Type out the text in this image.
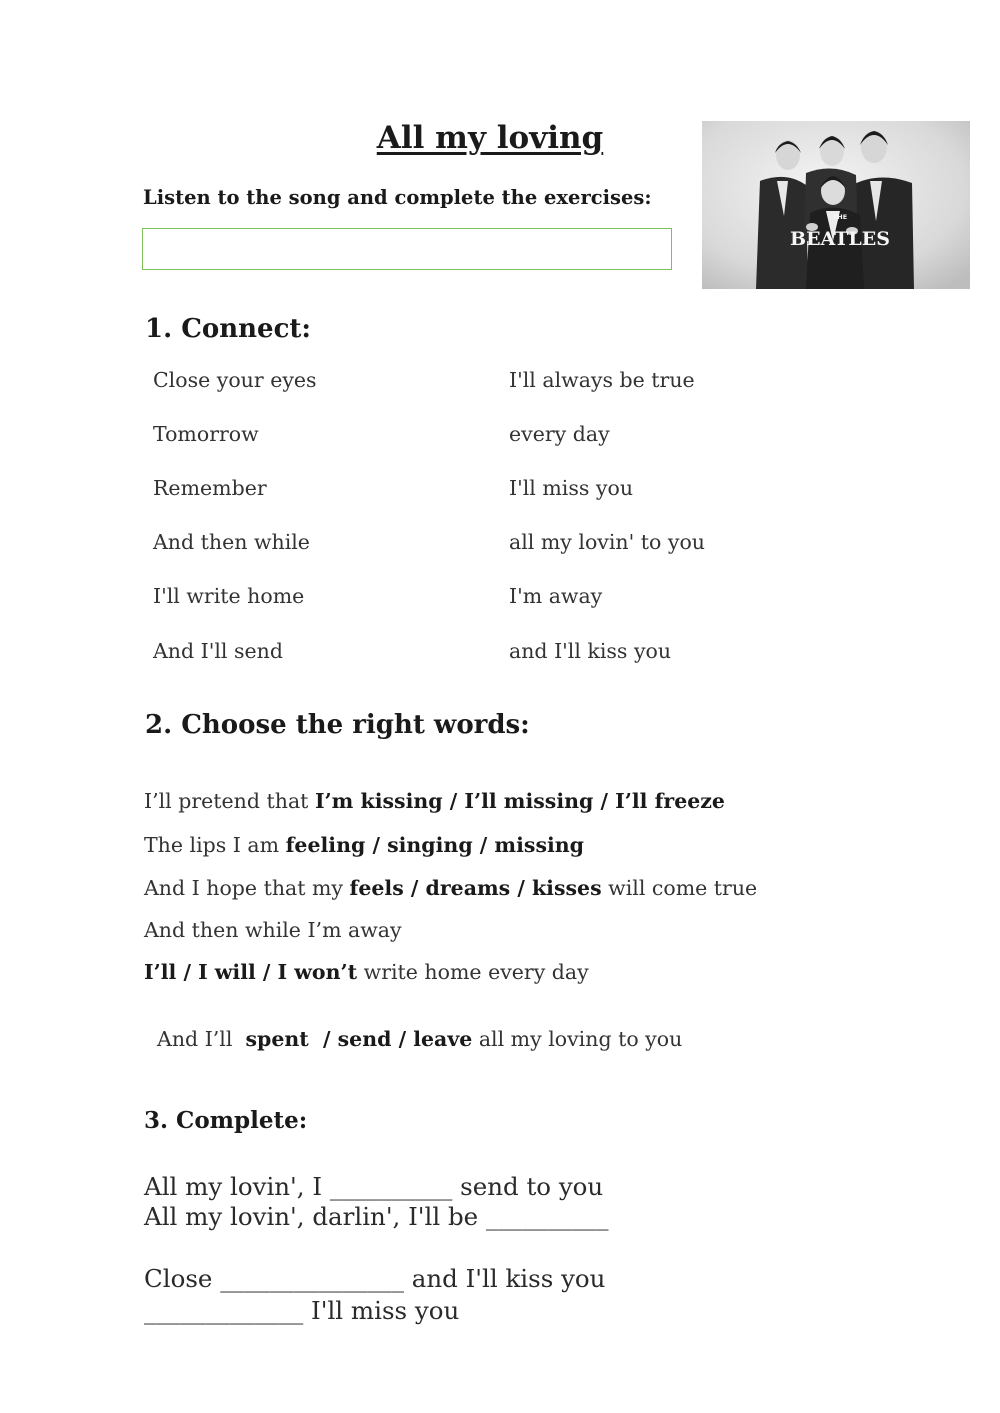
All my loving
Listen to the song and complete the exercises:
THE
BEATLES
1. Connect:
Close your eyes
Tomorrow
Remember
And then while
I'll write home
And I'll send
I'll always be true
every day
I'll miss you
all my lovin' to you
I'm away
and I'll kiss you
2. Choose the right words:
I’ll pretend that I’m kissing / I’ll missing / I’ll freeze
The lips I am feeling / singing / missing
And I hope that my feels / dreams / kisses will come true
And then while I’m away
I’ll / I will / I won’t write home every day

And I’ll  spent  / send / leave all my loving to you

3. Complete:
All my lovin', I __________ send to you
All my lovin', darlin', I'll be __________
Close _______________ and I'll kiss you
_____________ I'll miss you
